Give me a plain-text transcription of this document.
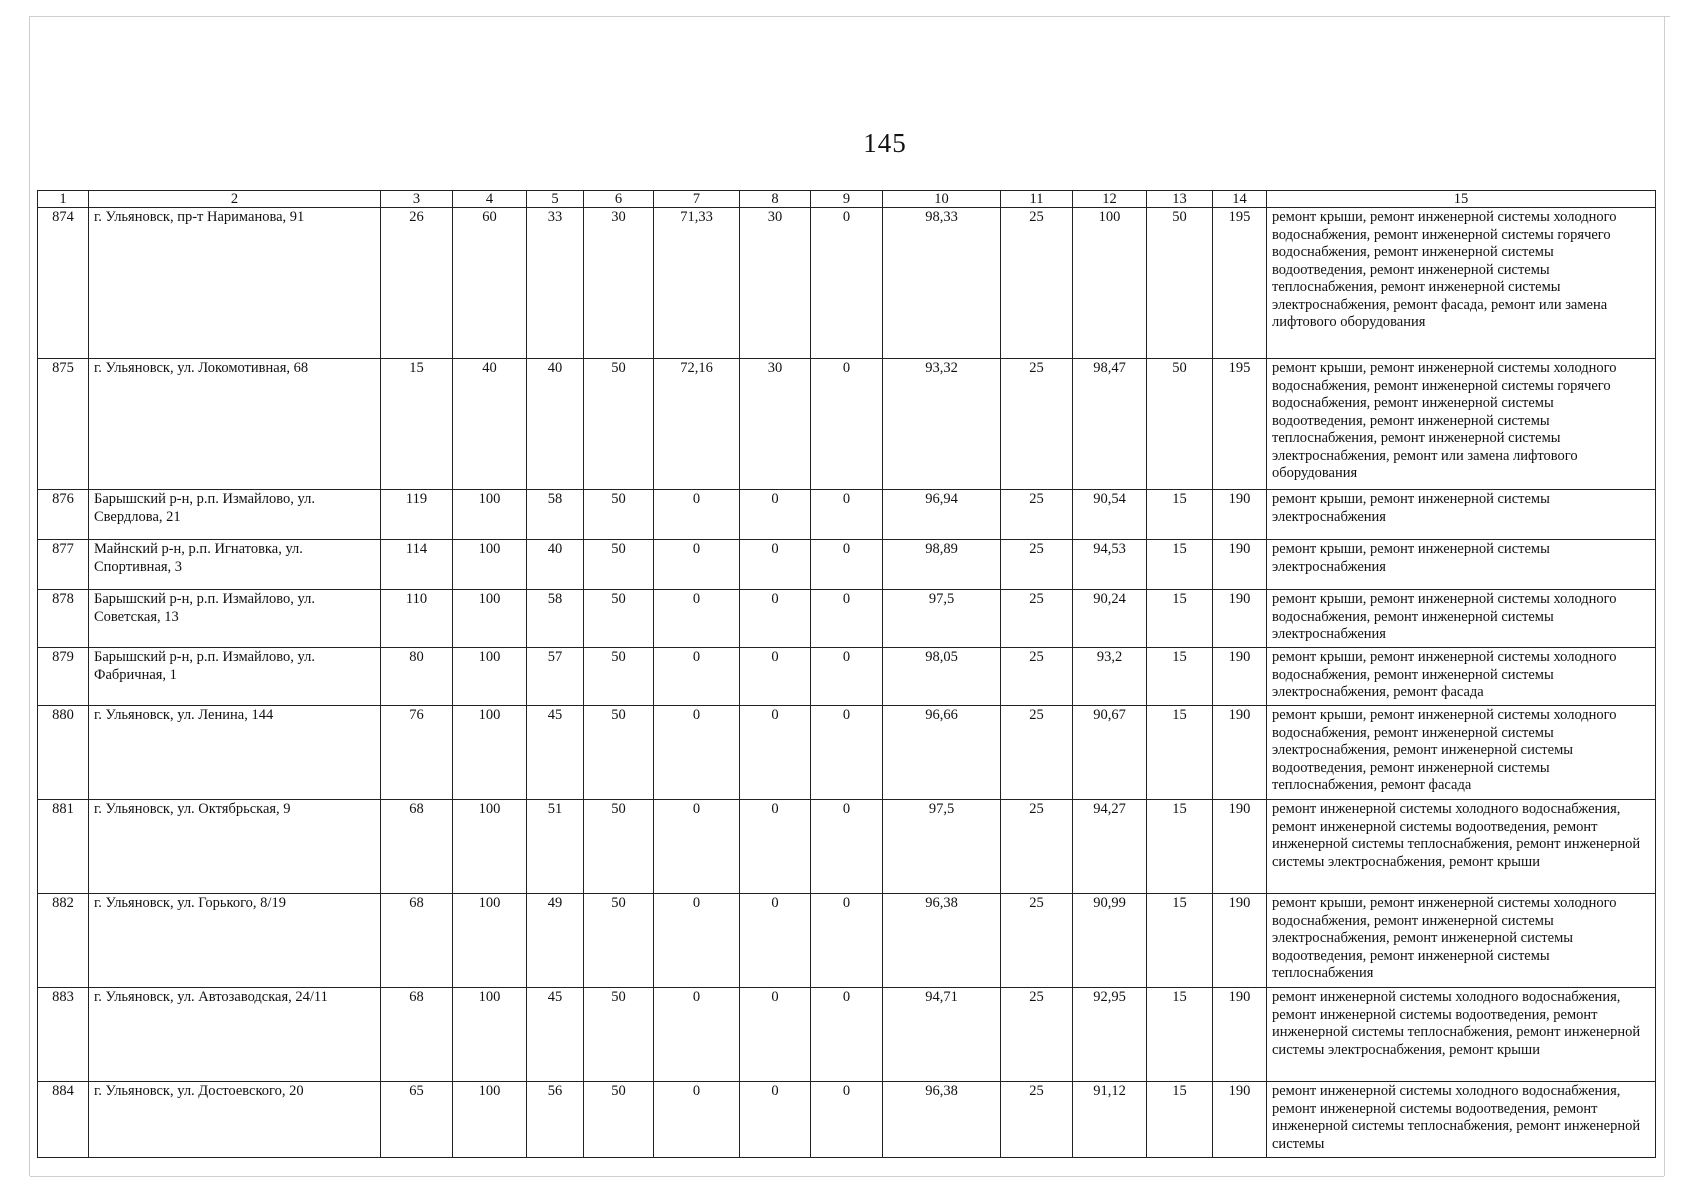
145
1	2	3	4	5	6	7	8	9	10	11	12	13	14	15
874	г. Ульяновск, пр-т Нариманова, 91	26	60	33	30	71,33	30	0	98,33	25	100	50	195	ремонт крыши, ремонт инженерной системы холодного водоснабжения, ремонт инженерной системы горячего водоснабжения, ремонт инженерной системы водоотведения, ремонт инженерной системы теплоснабжения, ремонт инженерной системы электроснабжения, ремонт фасада, ремонт или замена лифтового оборудования
875	г. Ульяновск, ул. Локомотивная, 68	15	40	40	50	72,16	30	0	93,32	25	98,47	50	195	ремонт крыши, ремонт инженерной системы холодного водоснабжения, ремонт инженерной системы горячего водоснабжения, ремонт инженерной системы водоотведения, ремонт инженерной системы теплоснабжения, ремонт инженерной системы электроснабжения, ремонт или замена лифтового оборудования
876	Барышский р-н, р.п. Измайлово, ул. Свердлова, 21	119	100	58	50	0	0	0	96,94	25	90,54	15	190	ремонт крыши, ремонт инженерной системы электроснабжения
877	Майнский р-н, р.п. Игнатовка, ул. Спортивная, 3	114	100	40	50	0	0	0	98,89	25	94,53	15	190	ремонт крыши, ремонт инженерной системы электроснабжения
878	Барышский р-н, р.п. Измайлово, ул. Советская, 13	110	100	58	50	0	0	0	97,5	25	90,24	15	190	ремонт крыши, ремонт инженерной системы холодного водоснабжения, ремонт инженерной системы электроснабжения
879	Барышский р-н, р.п. Измайлово, ул. Фабричная, 1	80	100	57	50	0	0	0	98,05	25	93,2	15	190	ремонт крыши, ремонт инженерной системы холодного водоснабжения, ремонт инженерной системы электроснабжения, ремонт фасада
880	г. Ульяновск, ул. Ленина, 144	76	100	45	50	0	0	0	96,66	25	90,67	15	190	ремонт крыши, ремонт инженерной системы холодного водоснабжения, ремонт инженерной системы электроснабжения, ремонт инженерной системы водоотведения, ремонт инженерной системы теплоснабжения, ремонт фасада
881	г. Ульяновск, ул. Октябрьская, 9	68	100	51	50	0	0	0	97,5	25	94,27	15	190	ремонт инженерной системы холодного водоснабжения, ремонт инженерной системы водоотведения, ремонт инженерной системы теплоснабжения, ремонт инженерной системы электроснабжения, ремонт крыши
882	г. Ульяновск, ул. Горького, 8/19	68	100	49	50	0	0	0	96,38	25	90,99	15	190	ремонт крыши, ремонт инженерной системы холодного водоснабжения, ремонт инженерной системы электроснабжения, ремонт инженерной системы водоотведения, ремонт инженерной системы теплоснабжения
883	г. Ульяновск, ул. Автозаводская, 24/11	68	100	45	50	0	0	0	94,71	25	92,95	15	190	ремонт инженерной системы холодного водоснабжения, ремонт инженерной системы водоотведения, ремонт инженерной системы теплоснабжения, ремонт инженерной системы электроснабжения, ремонт крыши
884	г. Ульяновск, ул. Достоевского, 20	65	100	56	50	0	0	0	96,38	25	91,12	15	190	ремонт инженерной системы холодного водоснабжения, ремонт инженерной системы водоотведения, ремонт инженерной системы теплоснабжения, ремонт инженерной системы
